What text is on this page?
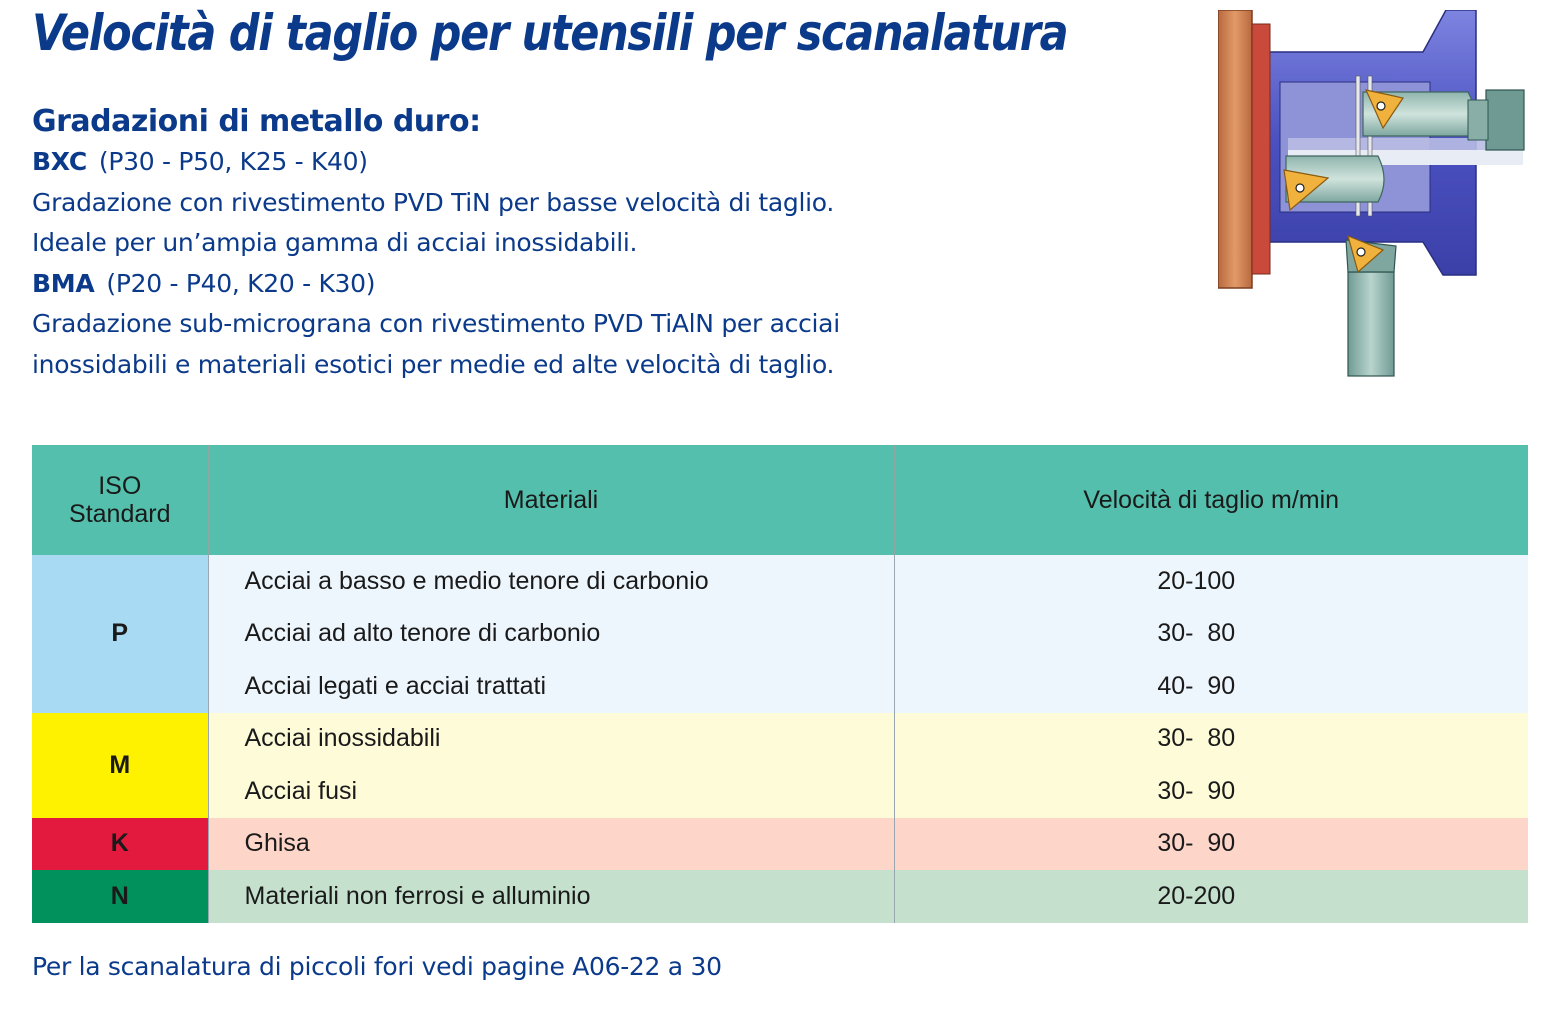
Velocità di taglio per utensili per scanalatura
Gradazioni di metallo duro:
BXC (P30 - P50, K25 - K40)
Gradazione con rivestimento PVD TiN per basse velocità di taglio.
Ideale per un’ampia gamma di acciai inossidabili.
BMA (P20 - P40, K20 - K30)
Gradazione sub-micrograna con rivestimento PVD TiAlN per acciai
inossidabili e materiali esotici per medie ed alte velocità di taglio.
ISO
Standard	Materiali	Velocità di taglio m/min
P	Acciai a basso e medio tenore di carbonio	20-100
	Acciai ad alto tenore di carbonio	30-  80
	Acciai legati e acciai trattati	40-  90
M	Acciai inossidabili	30-  80
	Acciai fusi	30-  90
K	Ghisa	30-  90
N	Materiali non ferrosi e alluminio	20-200
Per la scanalatura di piccoli fori vedi pagine A06-22 a 30
